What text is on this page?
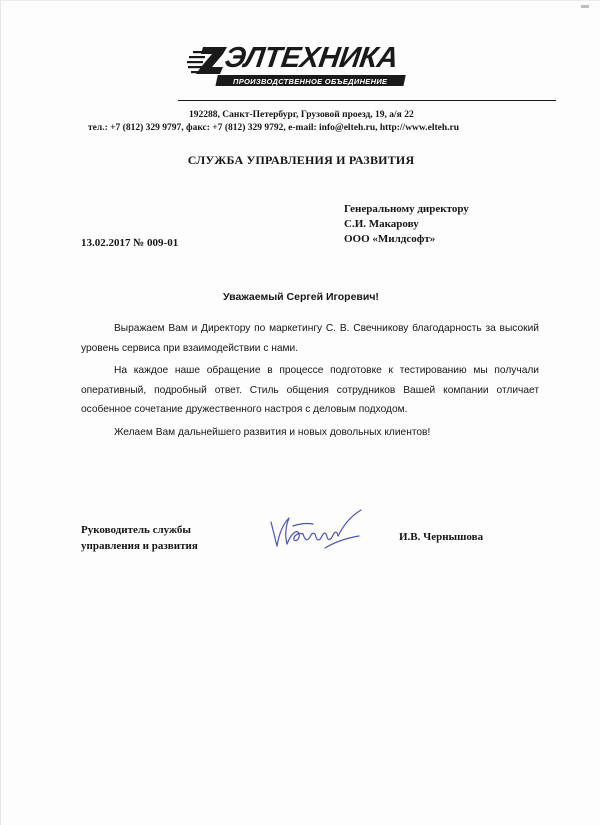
ЭЛТЕХНИКА
ПРОИЗВОДСТВЕННОЕ ОБЪЕДИНЕНИЕ
192288, Санкт-Петербург, Грузовой проезд, 19, а/я 22
тел.: +7 (812) 329 9797, факс: +7 (812) 329 9792, e-mail: info@elteh.ru, http://www.elteh.ru
СЛУЖБА УПРАВЛЕНИЯ И РАЗВИТИЯ
Генеральному директору
С.И. Макарову
ООО «Милдсофт»
13.02.2017 № 009-01
Уважаемый Сергей Игоревич!

Выражаем Вам и Директору по маркетингу С. В. Свечникову благодарность за высокий уровень сервиса при взаимодействии с нами.

На каждое наше обращение в процессе подготовке к тестированию мы получали оперативный, подробный ответ. Стиль общения сотрудников Вашей компании отличает особенное сочетание дружественного настроя с деловым подходом.

Желаем Вам дальнейшего развития и новых довольных клиентов!

Руководитель службы
управления и развития
И.В. Чернышова
